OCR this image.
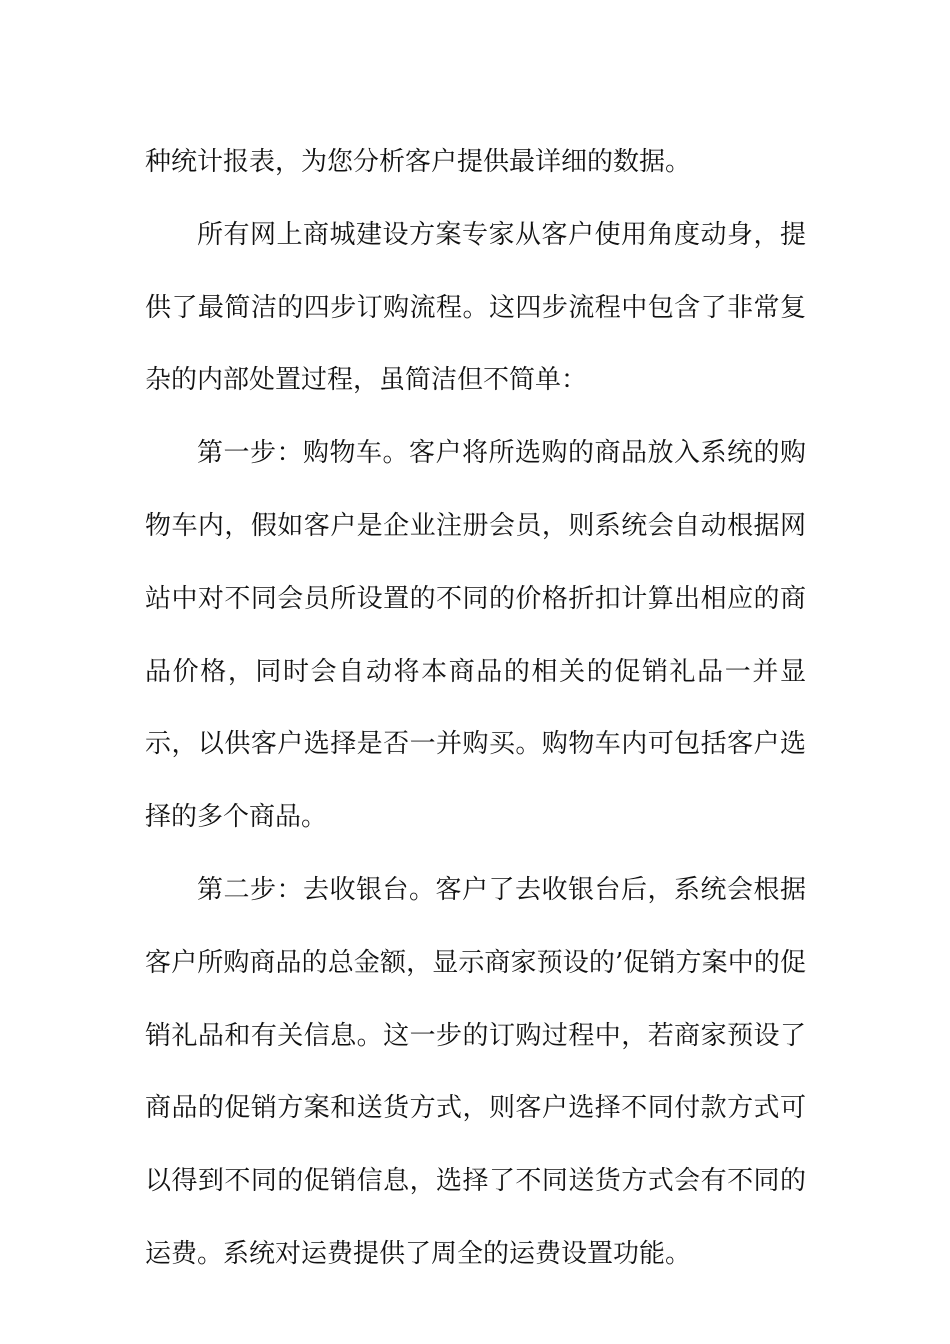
种统计报表，为您分析客户提供最详细的数据。

所有网上商城建设方案专家从客户使用角度动身，提供了最简洁的四步订购流程。这四步流程中包含了非常复杂的内部处置过程，虽简洁但不简单：

第一步：购物车。客户将所选购的商品放入系统的购物车内，假如客户是企业注册会员，则系统会自动根据网站中对不同会员所设置的不同的价格折扣计算出相应的商品价格，同时会自动将本商品的相关的促销礼品一并显示，以供客户选择是否一并购买。购物车内可包括客户选择的多个商品。

第二步：去收银台。客户了去收银台后，系统会根据客户所购商品的总金额，显示商家预设的’促销方案中的促销礼品和有关信息。这一步的订购过程中，若商家预设了商品的促销方案和送货方式，则客户选择不同付款方式可以得到不同的促销信息，选择了不同送货方式会有不同的运费。系统对运费提供了周全的运费设置功能。
